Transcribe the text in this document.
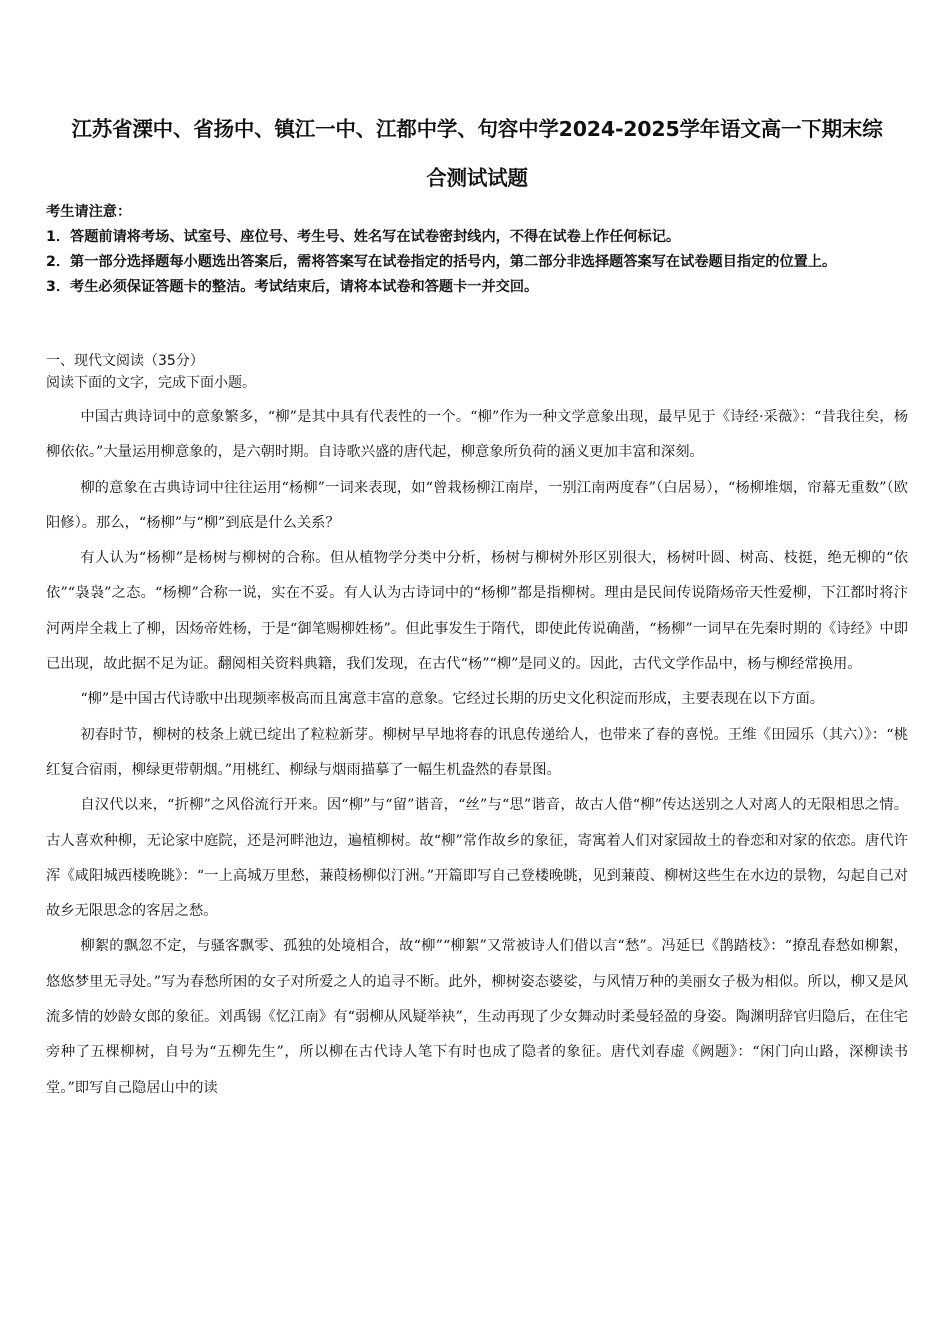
江苏省溧中、省扬中、镇江一中、江都中学、句容中学2024-2025学年语文高一下期末综
合测试试题

考生请注意：

1．答题前请将考场、试室号、座位号、考生号、姓名写在试卷密封线内，不得在试卷上作任何标记。

2．第一部分选择题每小题选出答案后，需将答案写在试卷指定的括号内，第二部分非选择题答案写在试卷题目指定的位置上。

3．考生必须保证答题卡的整洁。考试结束后，请将本试卷和答题卡一并交回。

一、现代文阅读（35分）

阅读下面的文字，完成下面小题。

中国古典诗词中的意象繁多，“柳”是其中具有代表性的一个。“柳”作为一种文学意象出现，最早见于《诗经·采薇》：“昔我往矣，杨柳依依。”大量运用柳意象的，是六朝时期。自诗歌兴盛的唐代起，柳意象所负荷的涵义更加丰富和深刻。

柳的意象在古典诗词中往往运用“杨柳”一词来表现，如“曾栽杨柳江南岸，一别江南两度春”（白居易），“杨柳堆烟，帘幕无重数”（欧阳修）。那么，“杨柳”与“柳”到底是什么关系？

有人认为“杨柳”是杨树与柳树的合称。但从植物学分类中分析，杨树与柳树外形区别很大，杨树叶圆、树高、枝挺，绝无柳的“依依”“袅袅”之态。“杨柳”合称一说，实在不妥。有人认为古诗词中的“杨柳”都是指柳树。理由是民间传说隋炀帝天性爱柳，下江都时将汴河两岸全栽上了柳，因炀帝姓杨，于是“御笔赐柳姓杨”。但此事发生于隋代，即使此传说确凿，“杨柳”一词早在先秦时期的《诗经》中即已出现，故此据不足为证。翻阅相关资料典籍，我们发现，在古代“杨”“柳”是同义的。因此，古代文学作品中，杨与柳经常换用。

“柳”是中国古代诗歌中出现频率极高而且寓意丰富的意象。它经过长期的历史文化积淀而形成，主要表现在以下方面。

初春时节，柳树的枝条上就已绽出了粒粒新芽。柳树早早地将春的讯息传递给人，也带来了春的喜悦。王维《田园乐（其六）》：“桃红复合宿雨，柳绿更带朝烟。”用桃红、柳绿与烟雨描摹了一幅生机盎然的春景图。

自汉代以来，“折柳”之风俗流行开来。因“柳”与“留”谐音，“丝”与“思”谐音，故古人借“柳”传达送别之人对离人的无限相思之情。古人喜欢种柳，无论家中庭院，还是河畔池边，遍植柳树。故“柳”常作故乡的象征，寄寓着人们对家园故土的眷恋和对家的依恋。唐代许浑《咸阳城西楼晚眺》：“一上高城万里愁，蒹葭杨柳似汀洲。”开篇即写自己登楼晚眺，见到蒹葭、柳树这些生在水边的景物，勾起自己对故乡无限思念的客居之愁。

柳絮的飘忽不定，与骚客飘零、孤独的处境相合，故“柳”“柳絮”又常被诗人们借以言“愁”。冯延巳《鹊踏枝》：“撩乱春愁如柳絮，悠悠梦里无寻处。”写为春愁所困的女子对所爱之人的追寻不断。此外，柳树姿态婆娑，与风情万种的美丽女子极为相似。所以，柳又是风流多情的妙龄女郎的象征。刘禹锡《忆江南》有“弱柳从风疑举袂”，生动再现了少女舞动时柔曼轻盈的身姿。陶渊明辞官归隐后，在住宅旁种了五棵柳树，自号为“五柳先生”，所以柳在古代诗人笔下有时也成了隐者的象征。唐代刘春虚《阙题》：“闲门向山路，深柳读书堂。”即写自己隐居山中的读
